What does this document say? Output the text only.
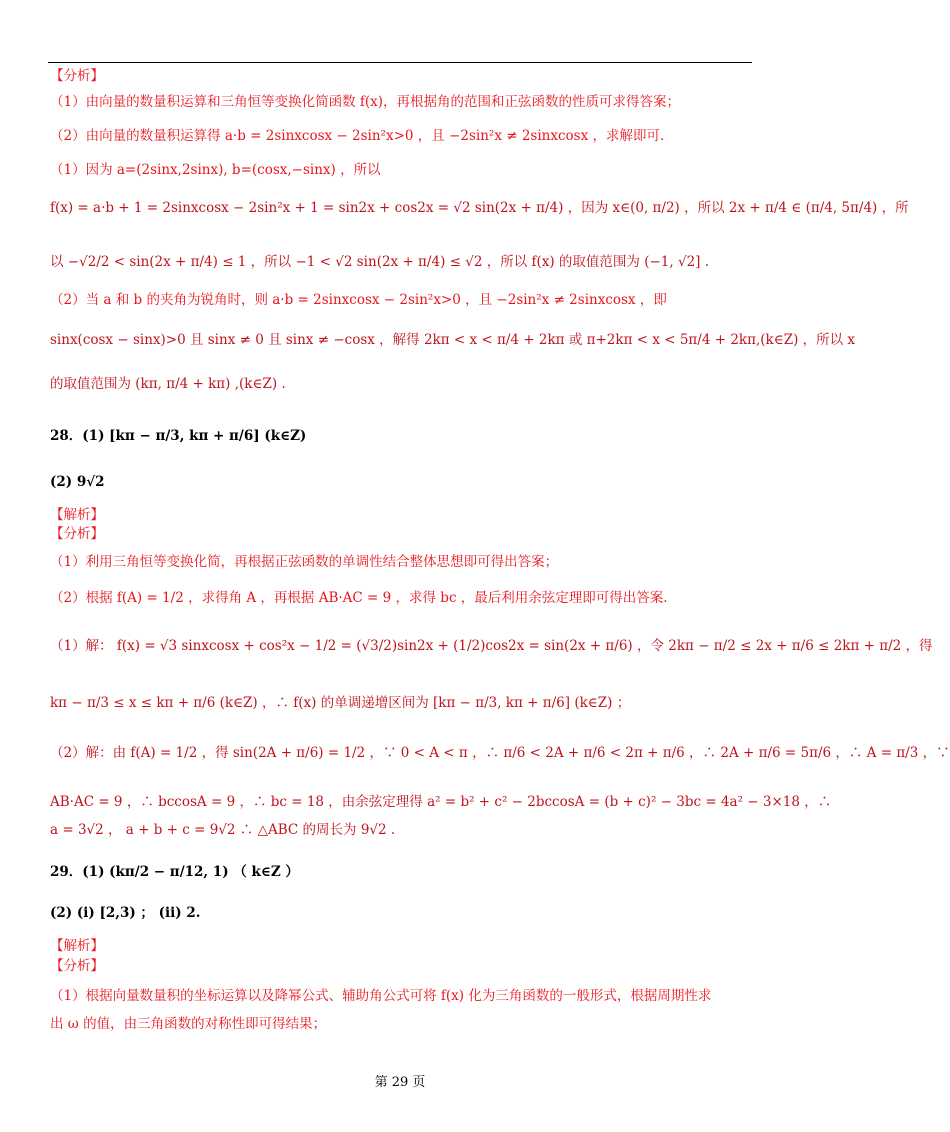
【分析】
（1）由向量的数量积运算和三角恒等变换化简函数 f(x)，再根据角的范围和正弦函数的性质可求得答案；
（2）由向量的数量积运算得 a·b = 2sinxcosx − 2sin²x>0 ，且 −2sin²x ≠ 2sinxcosx ，求解即可.
（1）因为 a=(2sinx,2sinx), b=(cosx,−sinx) ，所以
f(x) = a·b + 1 = 2sinxcosx − 2sin²x + 1 = sin2x + cos2x = √2 sin(2x + π/4) ，因为 x∈(0, π/2) ，所以 2x + π/4 ∈ (π/4, 5π/4) ，所
以 −√2/2 < sin(2x + π/4) ≤ 1 ，所以 −1 < √2 sin(2x + π/4) ≤ √2 ，所以 f(x) 的取值范围为 (−1, √2] .
（2）当 a 和 b 的夹角为锐角时，则 a·b = 2sinxcosx − 2sin²x>0 ，且 −2sin²x ≠ 2sinxcosx ，即
sinx(cosx − sinx)>0 且 sinx ≠ 0 且 sinx ≠ −cosx ，解得 2kπ < x < π/4 + 2kπ 或 π+2kπ < x < 5π/4 + 2kπ,(k∈Z) ，所以 x
的取值范围为 (kπ, π/4 + kπ) ,(k∈Z) .
28．(1) [kπ − π/3, kπ + π/6] (k∈Z)
(2) 9√2
【解析】
【分析】
（1）利用三角恒等变换化简，再根据正弦函数的单调性结合整体思想即可得出答案；
（2）根据 f(A) = 1/2 ，求得角 A ，再根据 AB·AC = 9 ，求得 bc ，最后利用余弦定理即可得出答案.
（1）解： f(x) = √3 sinxcosx + cos²x − 1/2 = (√3/2)sin2x + (1/2)cos2x = sin(2x + π/6) ，令 2kπ − π/2 ≤ 2x + π/6 ≤ 2kπ + π/2 ，得
kπ − π/3 ≤ x ≤ kπ + π/6 (k∈Z) ，∴ f(x) 的单调递增区间为 [kπ − π/3, kπ + π/6] (k∈Z) ；
（2）解：由 f(A) = 1/2 ，得 sin(2A + π/6) = 1/2 ，∵ 0 < A < π ，∴ π/6 < 2A + π/6 < 2π + π/6 ，∴ 2A + π/6 = 5π/6 ，∴ A = π/3 ，∵
AB·AC = 9 ，∴ bccosA = 9 ，∴ bc = 18 ，由余弦定理得 a² = b² + c² − 2bccosA = (b + c)² − 3bc = 4a² − 3×18 ，∴
a = 3√2 ， a + b + c = 9√2 ∴ △ABC 的周长为 9√2 .
29．(1) (kπ/2 − π/12, 1) （ k∈Z ）
(2) (i) [2,3) ； (ii) 2.
【解析】
【分析】
（1）根据向量数量积的坐标运算以及降幂公式、辅助角公式可将 f(x) 化为三角函数的一般形式，根据周期性求
出 ω 的值，由三角函数的对称性即可得结果；
第 29 页
